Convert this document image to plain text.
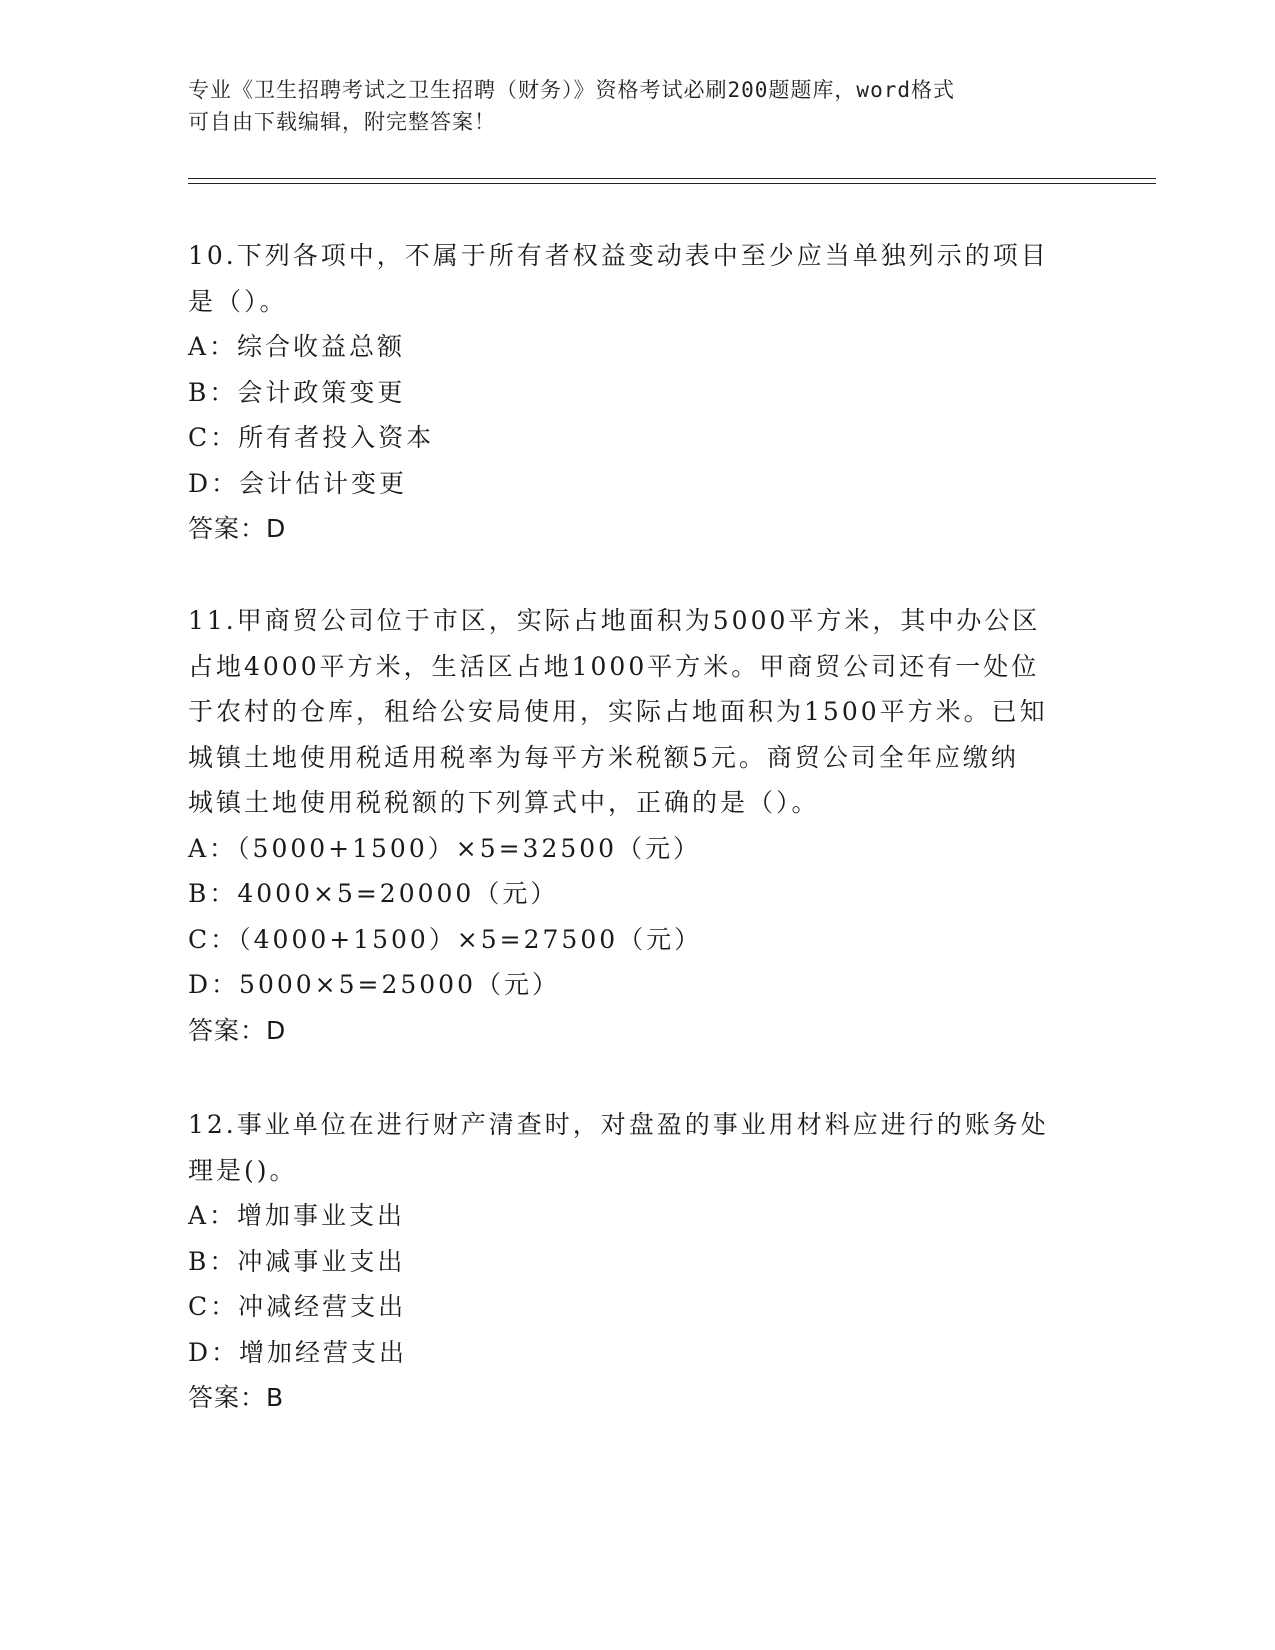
专业《卫生招聘考试之卫生招聘（财务）》资格考试必刷200题题库，word格式
可自由下载编辑，附完整答案！

10.下列各项中，不属于所有者权益变动表中至少应当单独列示的项目

是（）。

A：综合收益总额

B：会计政策变更

C：所有者投入资本

D：会计估计变更

答案：D

11.甲商贸公司位于市区，实际占地面积为5000平方米，其中办公区

占地4000平方米，生活区占地1000平方米。甲商贸公司还有一处位

于农村的仓库，租给公安局使用，实际占地面积为1500平方米。已知

城镇土地使用税适用税率为每平方米税额5元。商贸公司全年应缴纳

城镇土地使用税税额的下列算式中，正确的是（）。

A：（5000+1500）×5=32500（元）

B：4000×5=20000（元）

C：（4000+1500）×5=27500（元）

D：5000×5=25000（元）

答案：D

12.事业单位在进行财产清查时，对盘盈的事业用材料应进行的账务处

理是()。

A：增加事业支出

B：冲减事业支出

C：冲减经营支出

D：增加经营支出

答案：B
